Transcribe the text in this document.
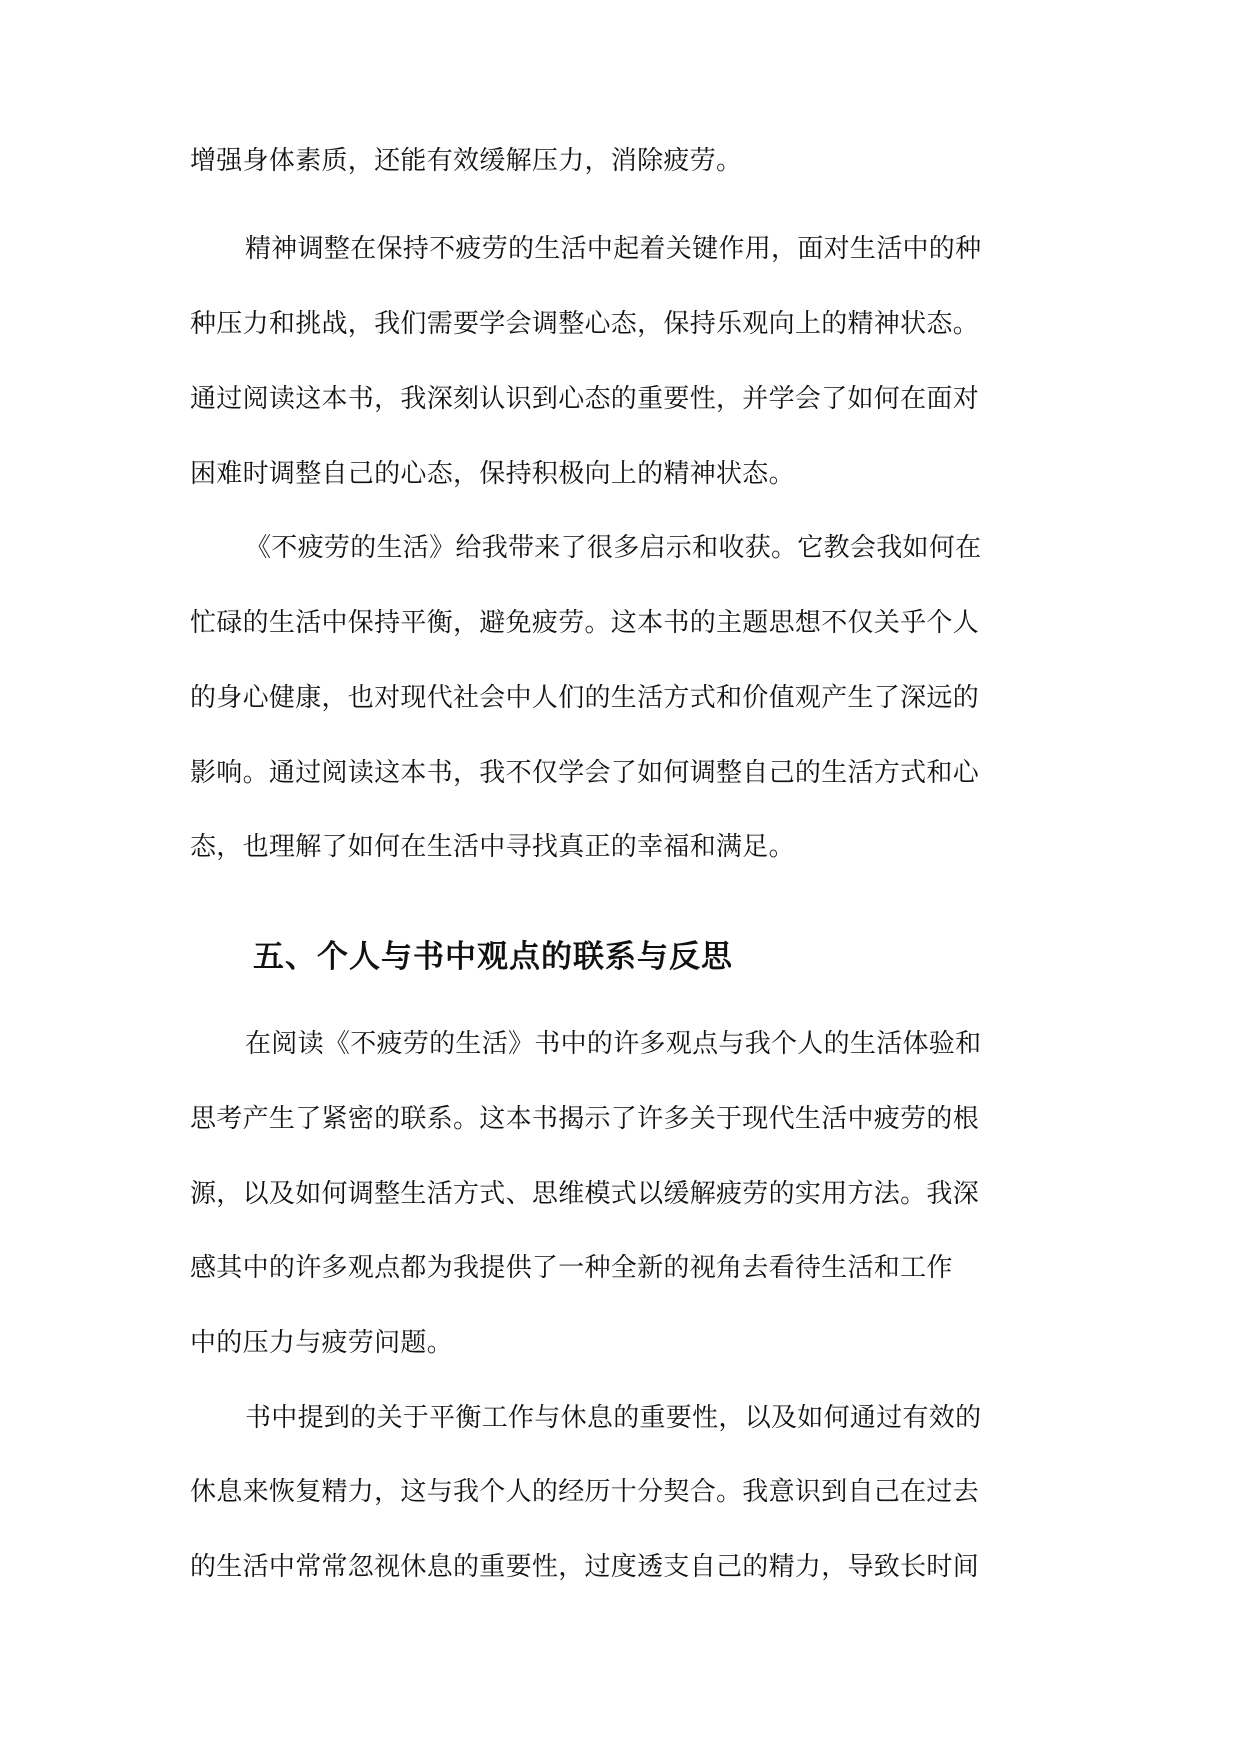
增强身体素质，还能有效缓解压力，消除疲劳。
精神调整在保持不疲劳的生活中起着关键作用，面对生活中的种
种压力和挑战，我们需要学会调整心态，保持乐观向上的精神状态。
通过阅读这本书，我深刻认识到心态的重要性，并学会了如何在面对
困难时调整自己的心态，保持积极向上的精神状态。
《不疲劳的生活》给我带来了很多启示和收获。它教会我如何在
忙碌的生活中保持平衡，避免疲劳。这本书的主题思想不仅关乎个人
的身心健康，也对现代社会中人们的生活方式和价值观产生了深远的
影响。通过阅读这本书，我不仅学会了如何调整自己的生活方式和心
态，也理解了如何在生活中寻找真正的幸福和满足。
五、个人与书中观点的联系与反思
在阅读《不疲劳的生活》书中的许多观点与我个人的生活体验和
思考产生了紧密的联系。这本书揭示了许多关于现代生活中疲劳的根
源，以及如何调整生活方式、思维模式以缓解疲劳的实用方法。我深
感其中的许多观点都为我提供了一种全新的视角去看待生活和工作
中的压力与疲劳问题。
书中提到的关于平衡工作与休息的重要性，以及如何通过有效的
休息来恢复精力，这与我个人的经历十分契合。我意识到自己在过去
的生活中常常忽视休息的重要性，过度透支自己的精力，导致长时间
